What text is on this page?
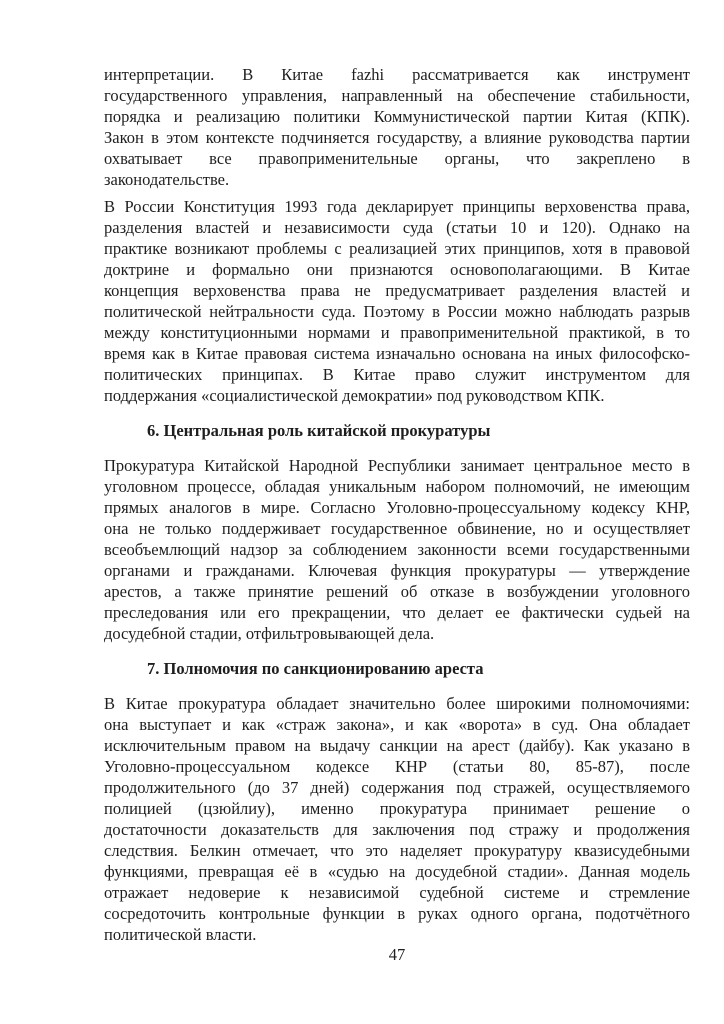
интерпретации. В Китае fazhi рассматривается как инструмент
государственного управления, направленный на обеспечение стабильности,
порядка и реализацию политики Коммунистической партии Китая (КПК).
Закон в этом контексте подчиняется государству, а влияние руководства партии
охватывает все правоприменительные органы, что закреплено в
законодательстве.
В России Конституция 1993 года декларирует принципы верховенства права,
разделения властей и независимости суда (статьи 10 и 120). Однако на
практике возникают проблемы с реализацией этих принципов, хотя в правовой
доктрине и формально они признаются основополагающими. В Китае
концепция верховенства права не предусматривает разделения властей и
политической нейтральности суда. Поэтому в России можно наблюдать разрыв
между конституционными нормами и правоприменительной практикой, в то
время как в Китае правовая система изначально основана на иных философско-
политических принципах. В Китае право служит инструментом для
поддержания «социалистической демократии» под руководством КПК.
6. Центральная роль китайской прокуратуры
Прокуратура Китайской Народной Республики занимает центральное место в
уголовном процессе, обладая уникальным набором полномочий, не имеющим
прямых аналогов в мире. Согласно Уголовно-процессуальному кодексу КНР,
она не только поддерживает государственное обвинение, но и осуществляет
всеобъемлющий надзор за соблюдением законности всеми государственными
органами и гражданами. Ключевая функция прокуратуры — утверждение
арестов, а также принятие решений об отказе в возбуждении уголовного
преследования или его прекращении, что делает ее фактически судьей на
досудебной стадии, отфильтровывающей дела.
7. Полномочия по санкционированию ареста
В Китае прокуратура обладает значительно более широкими полномочиями:
она выступает и как «страж закона», и как «ворота» в суд. Она обладает
исключительным правом на выдачу санкции на арест (дайбу). Как указано в
Уголовно-процессуальном кодексе КНР (статьи 80, 85-87), после
продолжительного (до 37 дней) содержания под стражей, осуществляемого
полицией (цзюйлиу), именно прокуратура принимает решение о
достаточности доказательств для заключения под стражу и продолжения
следствия. Белкин отмечает, что это наделяет прокуратуру квазисудебными
функциями, превращая её в «судью на досудебной стадии». Данная модель
отражает недоверие к независимой судебной системе и стремление
сосредоточить контрольные функции в руках одного органа, подотчётного
политической власти.
47
